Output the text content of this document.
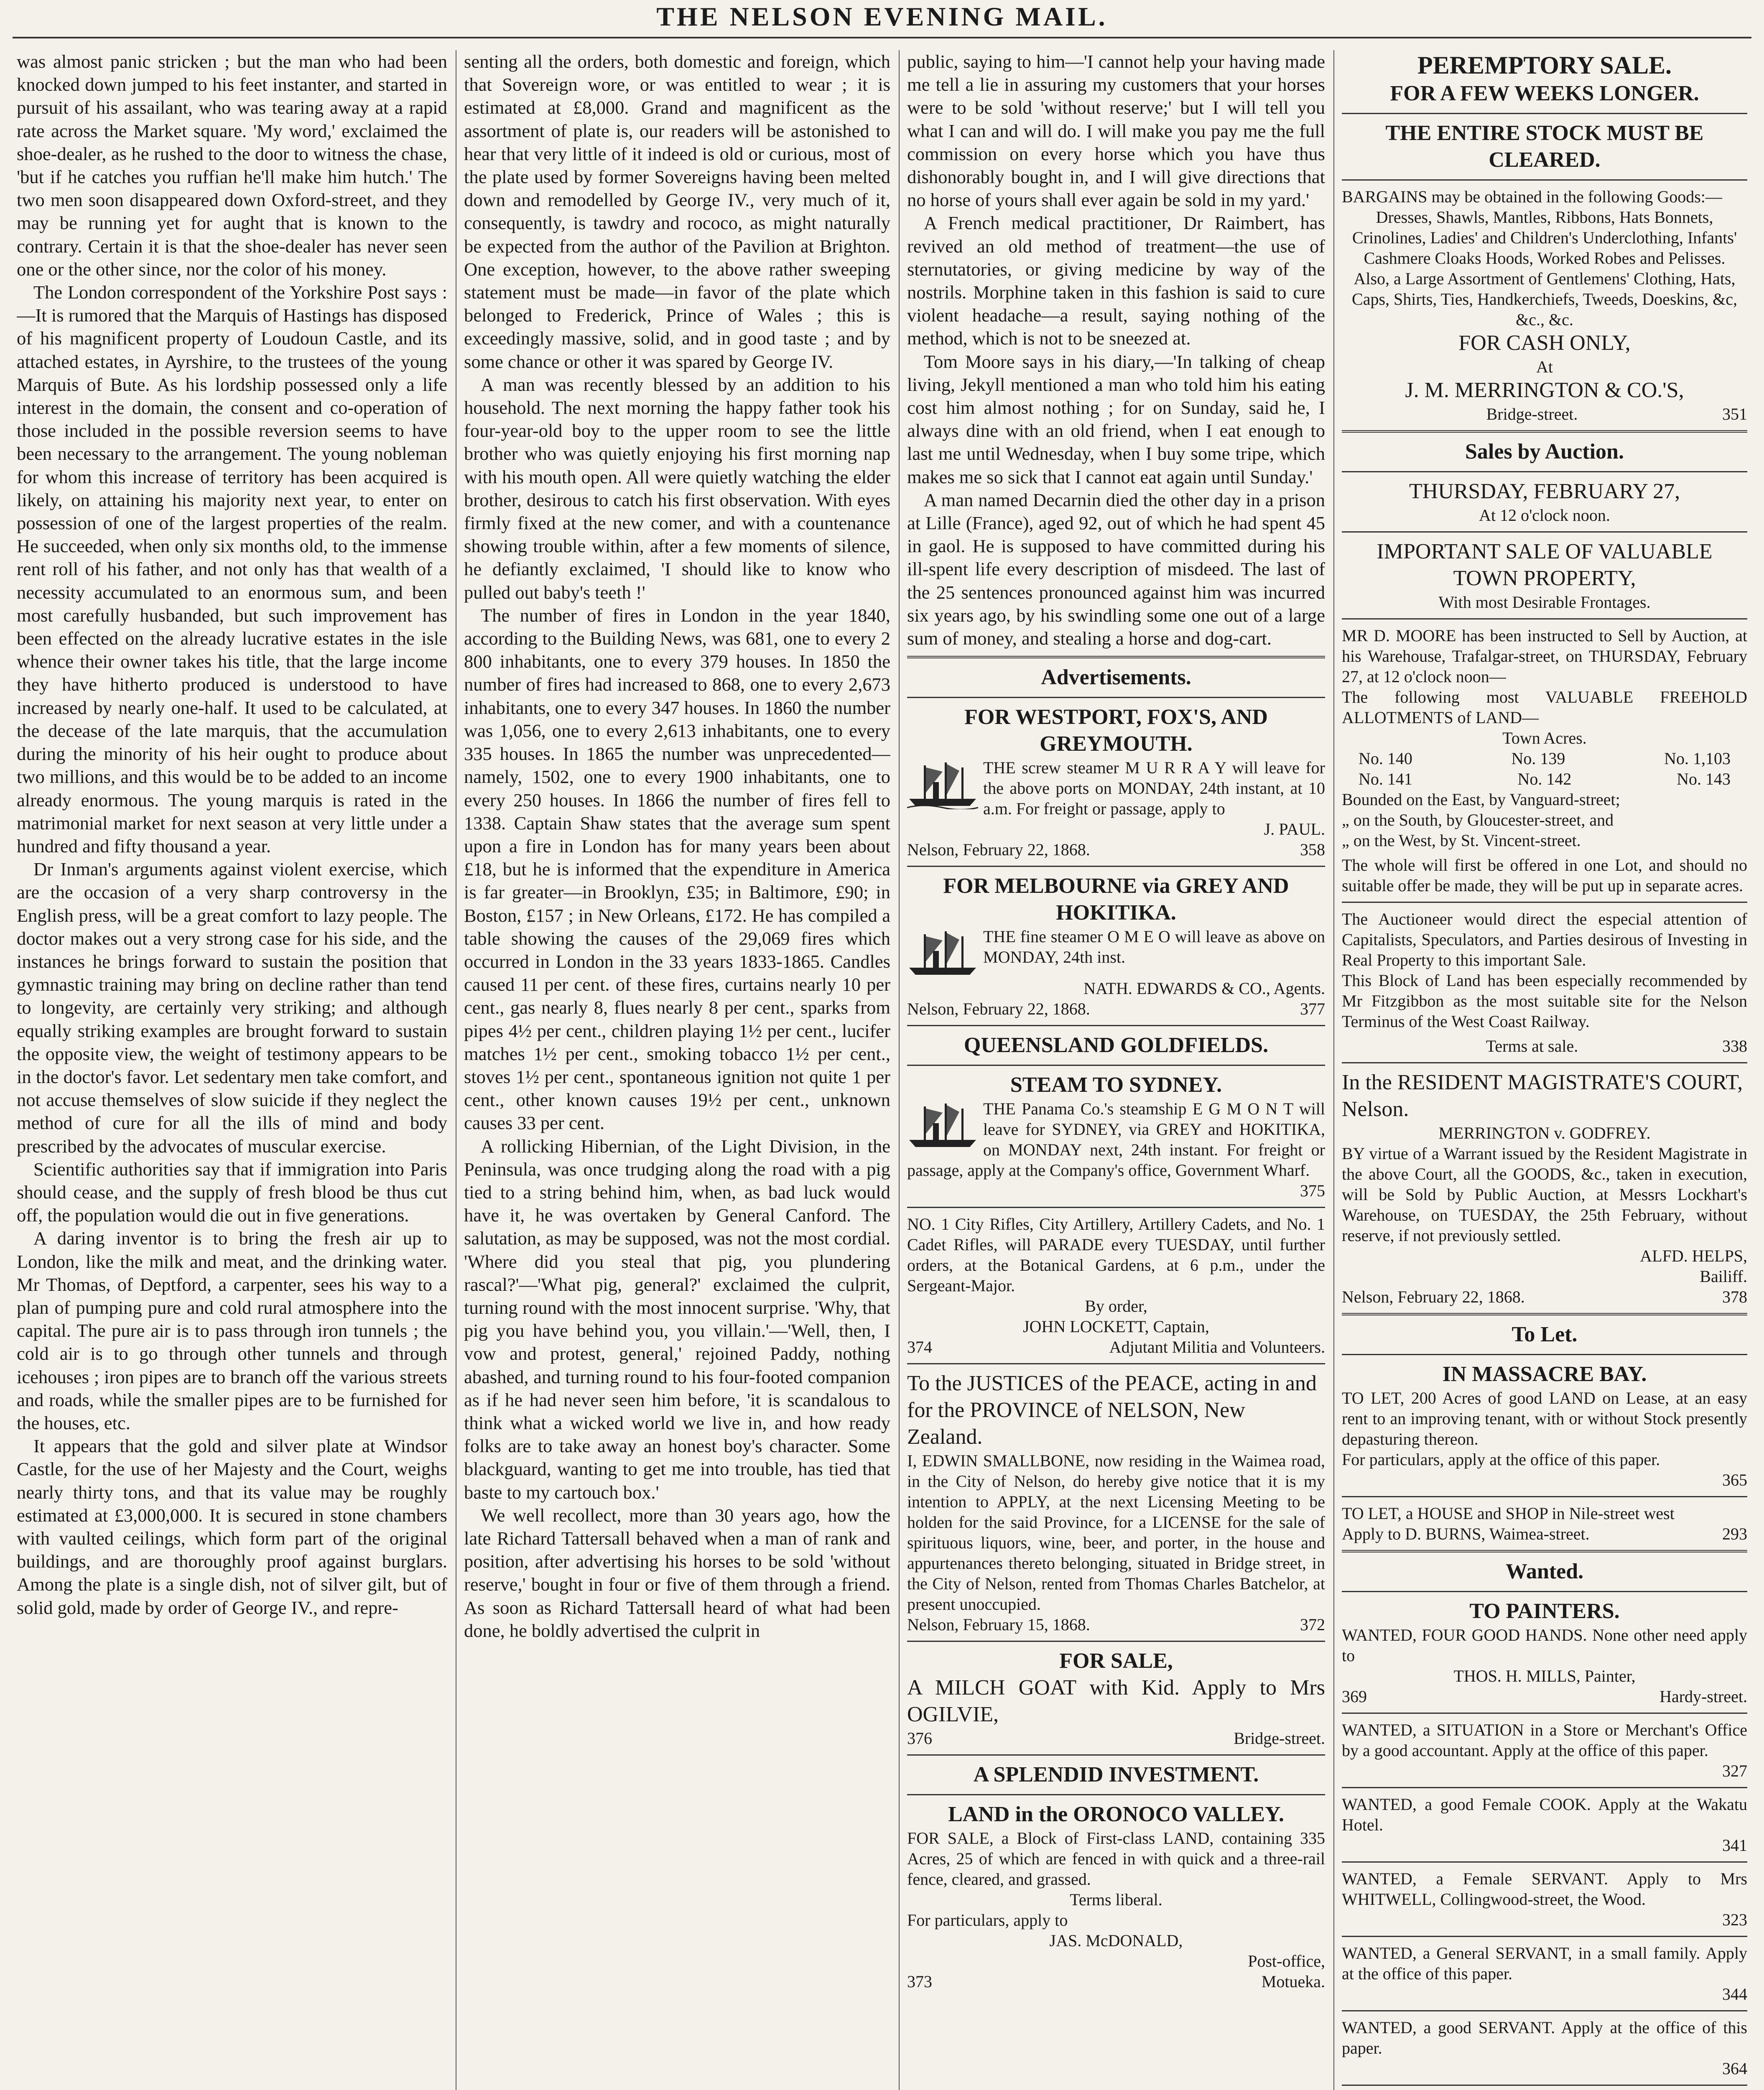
THE NELSON EVENING MAIL.

was almost panic stricken ; but the man who had been knocked down jumped to his feet instanter, and started in pursuit of his assailant, who was tearing away at a rapid rate across the Market square. 'My word,' exclaimed the shoe-dealer, as he rushed to the door to witness the chase, 'but if he catches you ruffian he'll make him hutch.' The two men soon disappeared down Oxford-street, and they may be running yet for aught that is known to the contrary. Certain it is that the shoe-dealer has never seen one or the other since, nor the color of his money.

The London correspondent of the Yorkshire Post says :—It is rumored that the Marquis of Hastings has disposed of his magnificent property of Loudoun Castle, and its attached estates, in Ayrshire, to the trustees of the young Marquis of Bute. As his lordship possessed only a life interest in the domain, the consent and co-operation of those included in the possible reversion seems to have been necessary to the arrangement. The young nobleman for whom this increase of territory has been acquired is likely, on attaining his majority next year, to enter on possession of one of the largest properties of the realm. He succeeded, when only six months old, to the immense rent roll of his father, and not only has that wealth of a necessity accumulated to an enormous sum, and been most carefully husbanded, but such improvement has been effected on the already lucrative estates in the isle whence their owner takes his title, that the large income they have hitherto produced is understood to have increased by nearly one-half. It used to be calculated, at the decease of the late marquis, that the accumulation during the minority of his heir ought to produce about two millions, and this would be to be added to an income already enormous. The young marquis is rated in the matrimonial market for next season at very little under a hundred and fifty thousand a year.

Dr Inman's arguments against violent exercise, which are the occasion of a very sharp controversy in the English press, will be a great comfort to lazy people. The doctor makes out a very strong case for his side, and the instances he brings forward to sustain the position that gymnastic training may bring on decline rather than tend to longevity, are certainly very striking; and although equally striking examples are brought forward to sustain the opposite view, the weight of testimony appears to be in the doctor's favor. Let sedentary men take comfort, and not accuse themselves of slow suicide if they neglect the method of cure for all the ills of mind and body prescribed by the advocates of muscular exercise.

Scientific authorities say that if immigration into Paris should cease, and the supply of fresh blood be thus cut off, the population would die out in five generations.

A daring inventor is to bring the fresh air up to London, like the milk and meat, and the drinking water. Mr Thomas, of Deptford, a carpenter, sees his way to a plan of pumping pure and cold rural atmosphere into the capital. The pure air is to pass through iron tunnels ; the cold air is to go through other tunnels and through icehouses ; iron pipes are to branch off the various streets and roads, while the smaller pipes are to be furnished for the houses, etc.

It appears that the gold and silver plate at Windsor Castle, for the use of her Majesty and the Court, weighs nearly thirty tons, and that its value may be roughly estimated at £3,000,000. It is secured in stone chambers with vaulted ceilings, which form part of the original buildings, and are thoroughly proof against burglars. Among the plate is a single dish, not of silver gilt, but of solid gold, made by order of George IV., and repre-

senting all the orders, both domestic and foreign, which that Sovereign wore, or was entitled to wear ; it is estimated at £8,000. Grand and magnificent as the assortment of plate is, our readers will be astonished to hear that very little of it indeed is old or curious, most of the plate used by former Sovereigns having been melted down and remodelled by George IV., very much of it, consequently, is tawdry and rococo, as might naturally be expected from the author of the Pavilion at Brighton. One exception, however, to the above rather sweeping statement must be made—in favor of the plate which belonged to Frederick, Prince of Wales ; this is exceedingly massive, solid, and in good taste ; and by some chance or other it was spared by George IV.

A man was recently blessed by an addition to his household. The next morning the happy father took his four-year-old boy to the upper room to see the little brother who was quietly enjoying his first morning nap with his mouth open. All were quietly watching the elder brother, desirous to catch his first observation. With eyes firmly fixed at the new comer, and with a countenance showing trouble within, after a few moments of silence, he defiantly exclaimed, 'I should like to know who pulled out baby's teeth !'

The number of fires in London in the year 1840, according to the Building News, was 681, one to every 2 800 inhabitants, one to every 379 houses. In 1850 the number of fires had increased to 868, one to every 2,673 inhabitants, one to every 347 houses. In 1860 the number was 1,056, one to every 2,613 inhabitants, one to every 335 houses. In 1865 the number was unprecedented—namely, 1502, one to every 1900 inhabitants, one to every 250 houses. In 1866 the number of fires fell to 1338. Captain Shaw states that the average sum spent upon a fire in London has for many years been about £18, but he is informed that the expenditure in America is far greater—in Brooklyn, £35; in Baltimore, £90; in Boston, £157 ; in New Orleans, £172. He has compiled a table showing the causes of the 29,069 fires which occurred in London in the 33 years 1833-1865. Candles caused 11 per cent. of these fires, curtains nearly 10 per cent., gas nearly 8, flues nearly 8 per cent., sparks from pipes 4½ per cent., children playing 1½ per cent., lucifer matches 1½ per cent., smoking tobacco 1½ per cent., stoves 1½ per cent., spontaneous ignition not quite 1 per cent., other known causes 19½ per cent., unknown causes 33 per cent.

A rollicking Hibernian, of the Light Division, in the Peninsula, was once trudging along the road with a pig tied to a string behind him, when, as bad luck would have it, he was overtaken by General Canford. The salutation, as may be supposed, was not the most cordial. 'Where did you steal that pig, you plundering rascal?'—'What pig, general?' exclaimed the culprit, turning round with the most innocent surprise. 'Why, that pig you have behind you, you villain.'—'Well, then, I vow and protest, general,' rejoined Paddy, nothing abashed, and turning round to his four-footed companion as if he had never seen him before, 'it is scandalous to think what a wicked world we live in, and how ready folks are to take away an honest boy's character. Some blackguard, wanting to get me into trouble, has tied that baste to my cartouch box.'

We well recollect, more than 30 years ago, how the late Richard Tattersall behaved when a man of rank and position, after advertising his horses to be sold 'without reserve,' bought in four or five of them through a friend. As soon as Richard Tattersall heard of what had been done, he boldly advertised the culprit in

public, saying to him—'I cannot help your having made me tell a lie in assuring my customers that your horses were to be sold 'without reserve;' but I will tell you what I can and will do. I will make you pay me the full commission on every horse which you have thus dishonorably bought in, and I will give directions that no horse of yours shall ever again be sold in my yard.'

A French medical practitioner, Dr Raimbert, has revived an old method of treatment—the use of sternutatories, or giving medicine by way of the nostrils. Morphine taken in this fashion is said to cure violent headache—a result, saying nothing of the method, which is not to be sneezed at.

Tom Moore says in his diary,—'In talking of cheap living, Jekyll mentioned a man who told him his eating cost him almost nothing ; for on Sunday, said he, I always dine with an old friend, when I eat enough to last me until Wednesday, when I buy some tripe, which makes me so sick that I cannot eat again until Sunday.'

A man named Decarnin died the other day in a prison at Lille (France), aged 92, out of which he had spent 45 in gaol. He is supposed to have committed during his ill-spent life every description of misdeed. The last of the 25 sentences pronounced against him was incurred six years ago, by his swindling some one out of a large sum of money, and stealing a horse and dog-cart.

Advertisements.
FOR WESTPORT, FOX'S, AND GREYMOUTH.
THE screw steamer M U R R A Y will leave for the above ports on MONDAY, 24th instant, at 10 a.m. For freight or passage, apply to
J. PAUL.
Nelson, February 22, 1868.	358
FOR MELBOURNE via GREY AND HOKITIKA.
THE fine steamer O M E O will leave as above on MONDAY, 24th inst.
NATH. EDWARDS & CO., Agents.
Nelson, February 22, 1868.	377
QUEENSLAND GOLDFIELDS.
STEAM TO SYDNEY.
THE Panama Co.'s steamship E G M O N T will leave for SYDNEY, via GREY and HOKITIKA, on MONDAY next, 24th instant. For freight or passage, apply at the Company's office, Government Wharf.
375
NO. 1 City Rifles, City Artillery, Artillery Cadets, and No. 1 Cadet Rifles, will PARADE every TUESDAY, until further orders, at the Botanical Gardens, at 6 p.m., under the Sergeant-Major.
By order,
JOHN LOCKETT, Captain,
374	Adjutant Militia and Volunteers.
To the JUSTICES of the PEACE, acting in and for the PROVINCE of NELSON, New Zealand.
I, EDWIN SMALLBONE, now residing in the Waimea road, in the City of Nelson, do hereby give notice that it is my intention to APPLY, at the next Licensing Meeting to be holden for the said Province, for a LICENSE for the sale of spirituous liquors, wine, beer, and porter, in the house and appurtenances thereto belonging, situated in Bridge street, in the City of Nelson, rented from Thomas Charles Batchelor, at present unoccupied.
Nelson, February 15, 1868.	372
FOR SALE,
A MILCH GOAT with Kid. Apply to Mrs OGILVIE,
376	Bridge-street.
A SPLENDID INVESTMENT.
LAND in the ORONOCO VALLEY.
FOR SALE, a Block of First-class LAND, containing 335 Acres, 25 of which are fenced in with quick and a three-rail fence, cleared, and grassed.
Terms liberal.
For particulars, apply to
JAS. McDONALD,
Post-office,
373	Motueka.
PEREMPTORY SALE.
FOR A FEW WEEKS LONGER.
THE ENTIRE STOCK MUST BE CLEARED.
BARGAINS may be obtained in the following Goods:—
Dresses, Shawls, Mantles, Ribbons, Hats Bonnets, Crinolines, Ladies' and Children's Underclothing, Infants' Cashmere Cloaks Hoods, Worked Robes and Pelisses.
Also, a Large Assortment of Gentlemens' Clothing, Hats, Caps, Shirts, Ties, Handkerchiefs, Tweeds, Doeskins, &c, &c., &c.
FOR CASH ONLY,
At
J. M. MERRINGTON & CO.'S,
Bridge-street.	351
Sales by Auction.
THURSDAY, FEBRUARY 27,
At 12 o'clock noon.
IMPORTANT SALE OF VALUABLE TOWN PROPERTY,
With most Desirable Frontages.
MR D. MOORE has been instructed to Sell by Auction, at his Warehouse, Trafalgar-street, on THURSDAY, February 27, at 12 o'clock noon—
The following most VALUABLE FREEHOLD ALLOTMENTS of LAND—
Town Acres.
No. 140	No. 139	No. 1,103
No. 141	No. 142	No. 143
Bounded on the East, by Vanguard-street;
„ on the South, by Gloucester-street, and
„ on the West, by St. Vincent-street.
The whole will first be offered in one Lot, and should no suitable offer be made, they will be put up in separate acres.
The Auctioneer would direct the especial attention of Capitalists, Speculators, and Parties desirous of Investing in Real Property to this important Sale.
This Block of Land has been especially recommended by Mr Fitzgibbon as the most suitable site for the Nelson Terminus of the West Coast Railway.
Terms at sale.	338
In the RESIDENT MAGISTRATE'S COURT, Nelson.
MERRINGTON v. GODFREY.
BY virtue of a Warrant issued by the Resident Magistrate in the above Court, all the GOODS, &c., taken in execution, will be Sold by Public Auction, at Messrs Lockhart's Warehouse, on TUESDAY, the 25th February, without reserve, if not previously settled.
ALFD. HELPS,
Bailiff.
Nelson, February 22, 1868.	378
To Let.
IN MASSACRE BAY.
TO LET, 200 Acres of good LAND on Lease, at an easy rent to an improving tenant, with or without Stock presently depasturing thereon.
For particulars, apply at the office of this paper.
365
TO LET, a HOUSE and SHOP in Nile-street west
Apply to D. BURNS, Waimea-street.	293
Wanted.
TO PAINTERS.
WANTED, FOUR GOOD HANDS. None other need apply to
THOS. H. MILLS, Painter,
369	Hardy-street.
WANTED, a SITUATION in a Store or Merchant's Office by a good accountant. Apply at the office of this paper.
327
WANTED, a good Female COOK. Apply at the Wakatu Hotel.
341
WANTED, a Female SERVANT. Apply to Mrs WHITWELL, Collingwood-street, the Wood.
323
WANTED, a General SERVANT, in a small family. Apply at the office of this paper.
344
WANTED, a good SERVANT. Apply at the office of this paper.
364
